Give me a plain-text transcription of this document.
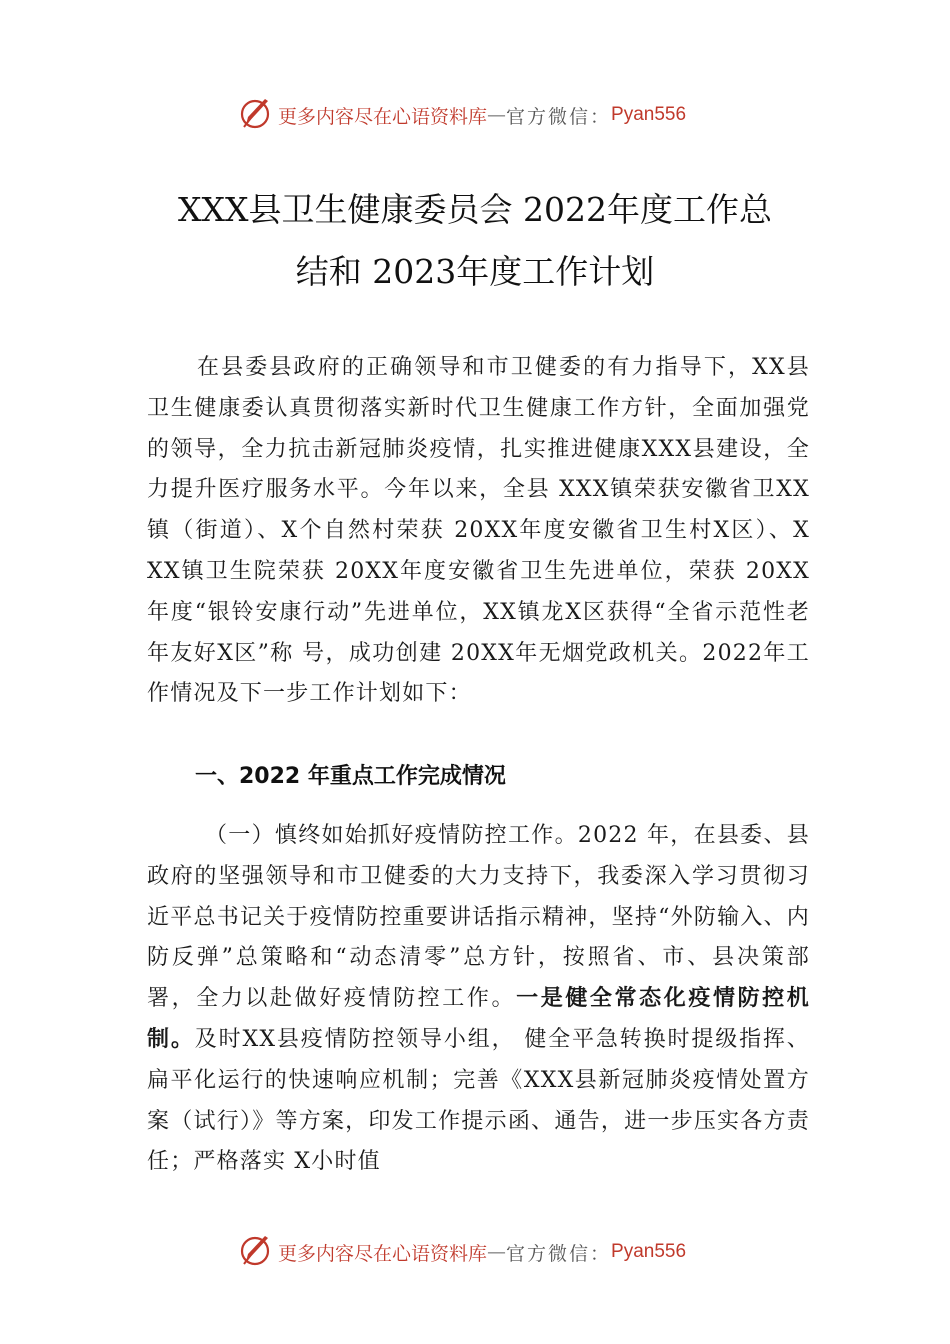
更多内容尽在心语资料库 — 官方微信： Pyan556
XXX县卫生健康委员会 2022年度工作总
结和 2023年度工作计划
在县委县政府的正确领导和市卫健委的有力指导下，XX县卫生健康委认真贯彻落实新时代卫生健康工作方针，全面加强党的领导，全力抗击新冠肺炎疫情，扎实推进健康XXX县建设，全力提升医疗服务水平。今年以来，全县 XXX镇荣获安徽省卫XX镇（街道）、X个自然村荣获 20XX年度安徽省卫生村X区）、X XX镇卫生院荣获 20XX年度安徽省卫生先进单位，荣获 20XX年度“银铃安康行动”先进单位，XX镇龙X区获得“全省示范性老年友好X区”称 号，成功创建 20XX年无烟党政机关。2022年工作情况及下一步工作计划如下：
一、2022 年重点工作完成情况
（一）慎终如始抓好疫情防控工作。2022 年，在县委、县政府的坚强领导和市卫健委的大力支持下，我委深入学习贯彻习近平总书记关于疫情防控重要讲话指示精神，坚持“外防输入、内防反弹”总策略和“动态清零”总方针，按照省、市、县决策部署，全力以赴做好疫情防控工作。一是健全常态化疫情防控机制。及时XX县疫情防控领导小组， 健全平急转换时提级指挥、扁平化运行的快速响应机制；完善《XXX县新冠肺炎疫情处置方案（试行）》等方案，印发工作提示函、通告，进一步压实各方责任；严格落实 X小时值
更多内容尽在心语资料库 — 官方微信： Pyan556
